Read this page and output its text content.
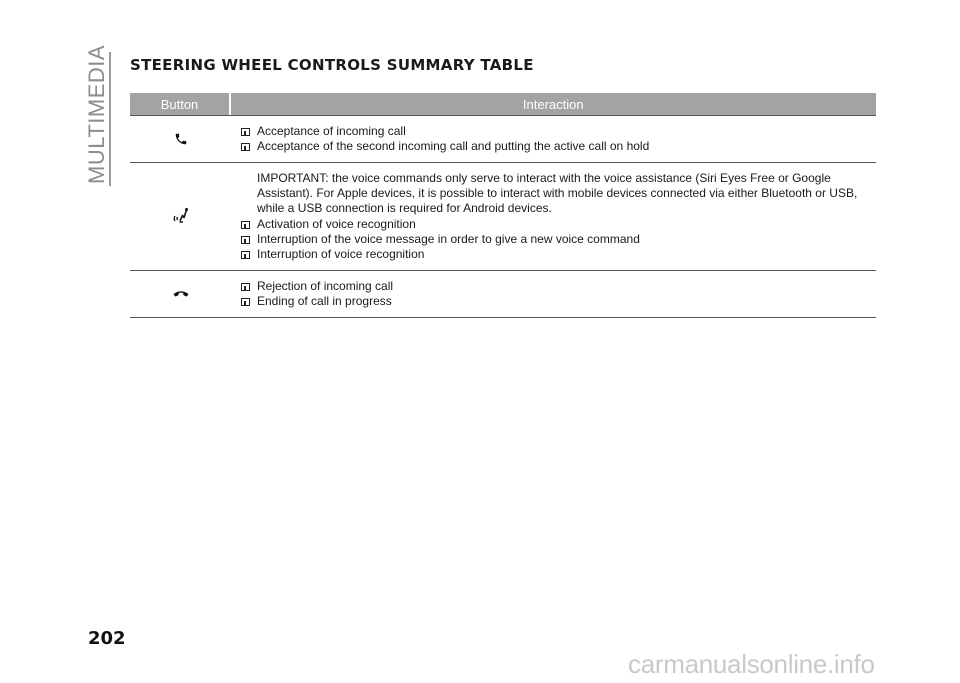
MULTIMEDIA STEERING WHEEL CONTROLS SUMMARY TABLE
Button	Interaction
Acceptance of incoming call
Acceptance of the second incoming call and putting the active call on hold
IMPORTANT: the voice commands only serve to interact with the voice assistance (Siri Eyes Free or Google Assistant). For Apple devices, it is possible to interact with mobile devices connected via either Bluetooth or USB, while a USB connection is required for Android devices.
Activation of voice recognition
Interruption of the voice message in order to give a new voice command
Interruption of voice recognition
Rejection of incoming call
Ending of call in progress
202
carmanualsonline.info
